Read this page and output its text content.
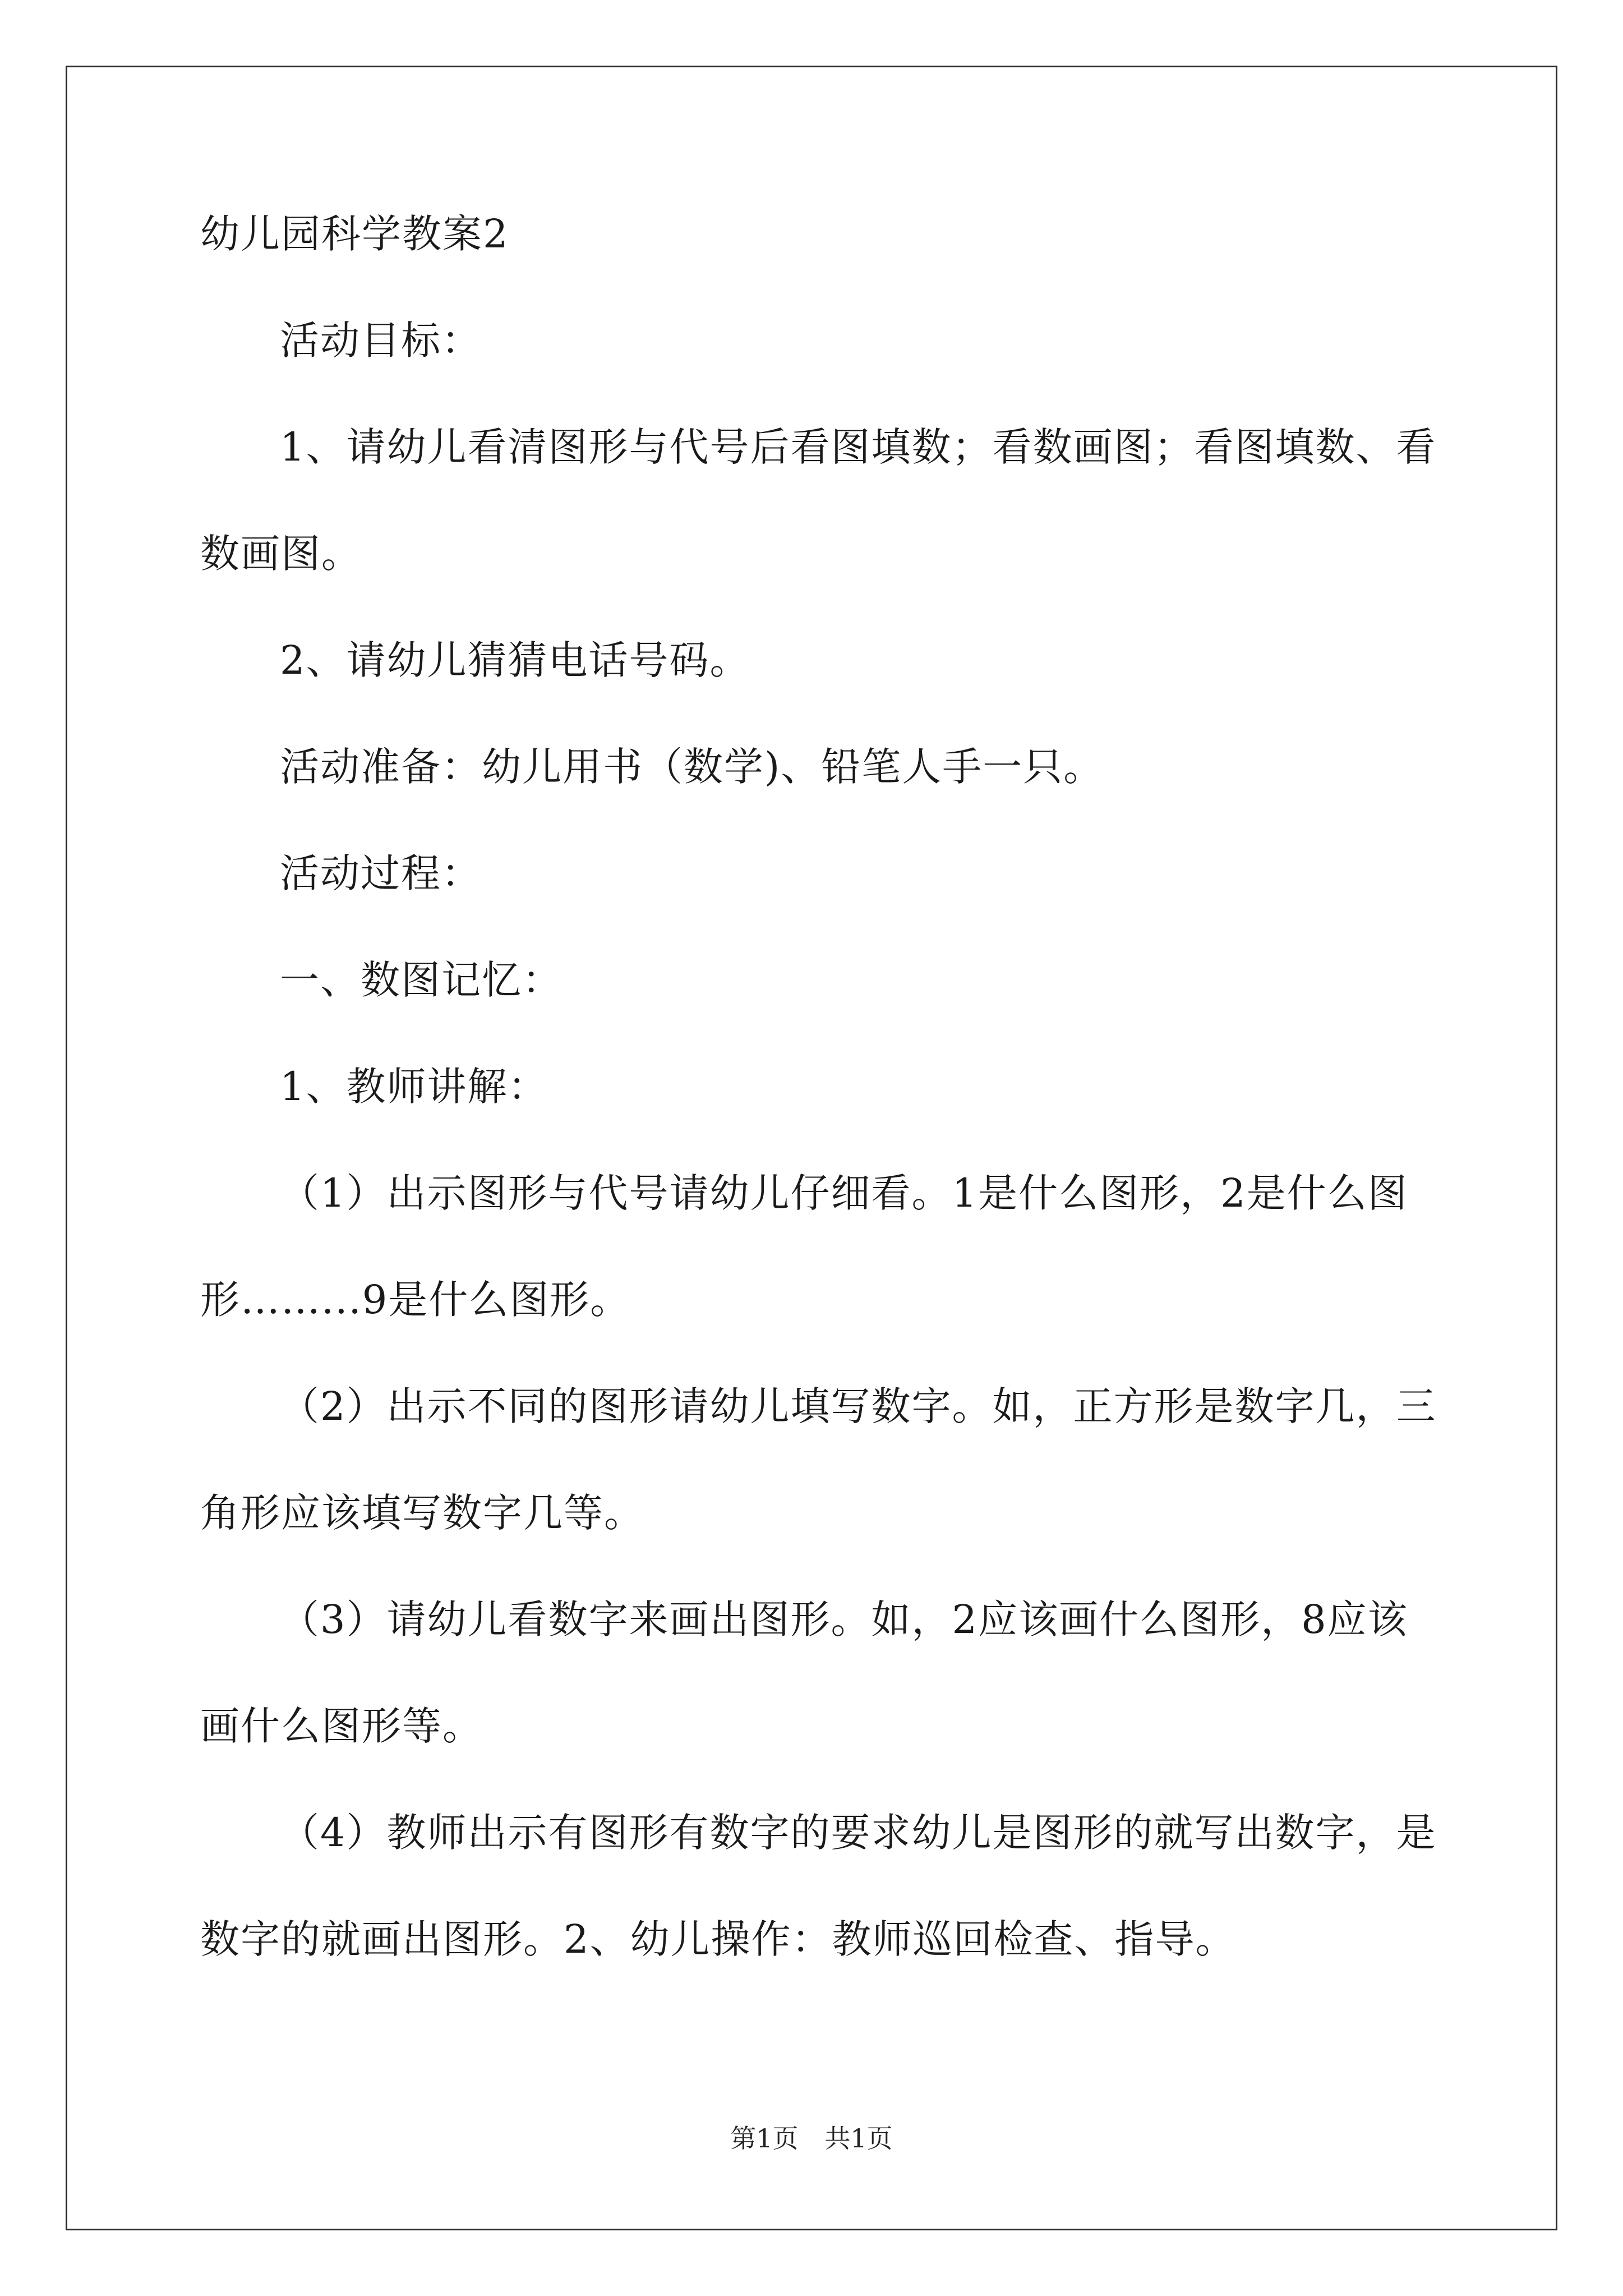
幼儿园科学教案2
活动目标：
1、请幼儿看清图形与代号后看图填数；看数画图；看图填数、看
数画图。
2、请幼儿猜猜电话号码。
活动准备：幼儿用书（数学)、铅笔人手一只。
活动过程：
一、数图记忆：
1、教师讲解：
（1）出示图形与代号请幼儿仔细看。1是什么图形，2是什么图
形……...9是什么图形。
（2）出示不同的图形请幼儿填写数字。如，正方形是数字几，三
角形应该填写数字几等。
（3）请幼儿看数字来画出图形。如，2应该画什么图形，8应该
画什么图形等。
（4）教师出示有图形有数字的要求幼儿是图形的就写出数字，是
数字的就画出图形。2、幼儿操作：教师巡回检查、指导。
第1页 共1页
